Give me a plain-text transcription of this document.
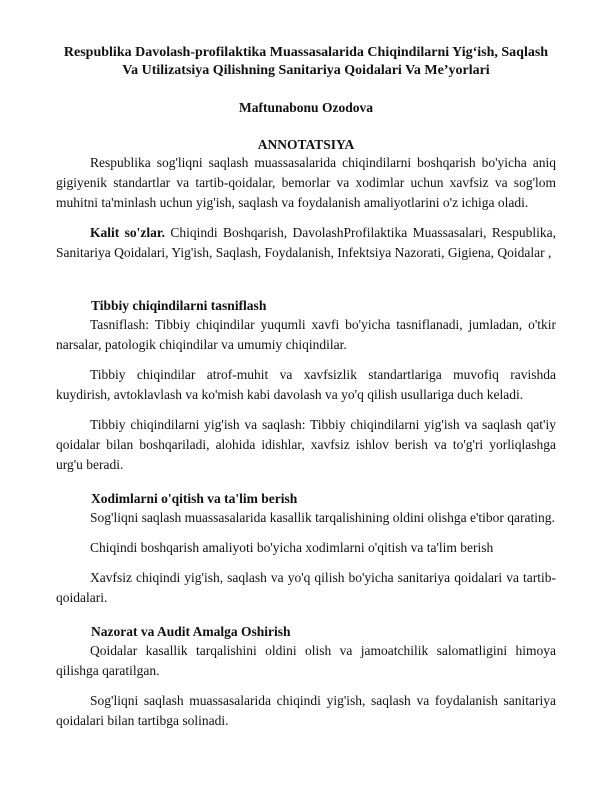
Respublika Davolash-profilaktika Muassasalarida Chiqindilarni Yig‘ish, Saqlash
Va Utilizatsiya Qilishning Sanitariya Qoidalari Va Me’yorlari
Maftunabonu Ozodova
ANNOTATSIYA

Respublika sog'liqni saqlash muassasalarida chiqindilarni boshqarish bo'yicha aniq gigiyenik standartlar va tartib-qoidalar, bemorlar va xodimlar uchun xavfsiz va sog'lom muhitni ta'minlash uchun yig'ish, saqlash va foydalanish amaliyotlarini o'z ichiga oladi.

Kalit so'zlar. Chiqindi Boshqarish, DavolashProfilaktika Muassasalari, Respublika, Sanitariya Qoidalari, Yig'ish, Saqlash, Foydalanish, Infektsiya Nazorati, Gigiena, Qoidalar ,

Tibbiy chiqindilarni tasniflash

Tasniflash: Tibbiy chiqindilar yuqumli xavfi bo'yicha tasniflanadi, jumladan, o'tkir narsalar, patologik chiqindilar va umumiy chiqindilar.

Tibbiy chiqindilar atrof-muhit va xavfsizlik standartlariga muvofiq ravishda kuydirish, avtoklavlash va ko'mish kabi davolash va yo'q qilish usullariga duch keladi.

Tibbiy chiqindilarni yig'ish va saqlash: Tibbiy chiqindilarni yig'ish va saqlash qat'iy qoidalar bilan boshqariladi, alohida idishlar, xavfsiz ishlov berish va to'g'ri yorliqlashga urg'u beradi.

Xodimlarni o'qitish va ta'lim berish

Sog'liqni saqlash muassasalarida kasallik tarqalishining oldini olishga e'tibor qarating.

Chiqindi boshqarish amaliyoti bo'yicha xodimlarni o'qitish va ta'lim berish

Xavfsiz chiqindi yig'ish, saqlash va yo'q qilish bo'yicha sanitariya qoidalari va tartib-qoidalari.

Nazorat va Audit Amalga Oshirish

Qoidalar kasallik tarqalishini oldini olish va jamoatchilik salomatligini himoya qilishga qaratilgan.

Sog'liqni saqlash muassasalarida chiqindi yig'ish, saqlash va foydalanish sanitariya qoidalari bilan tartibga solinadi.
